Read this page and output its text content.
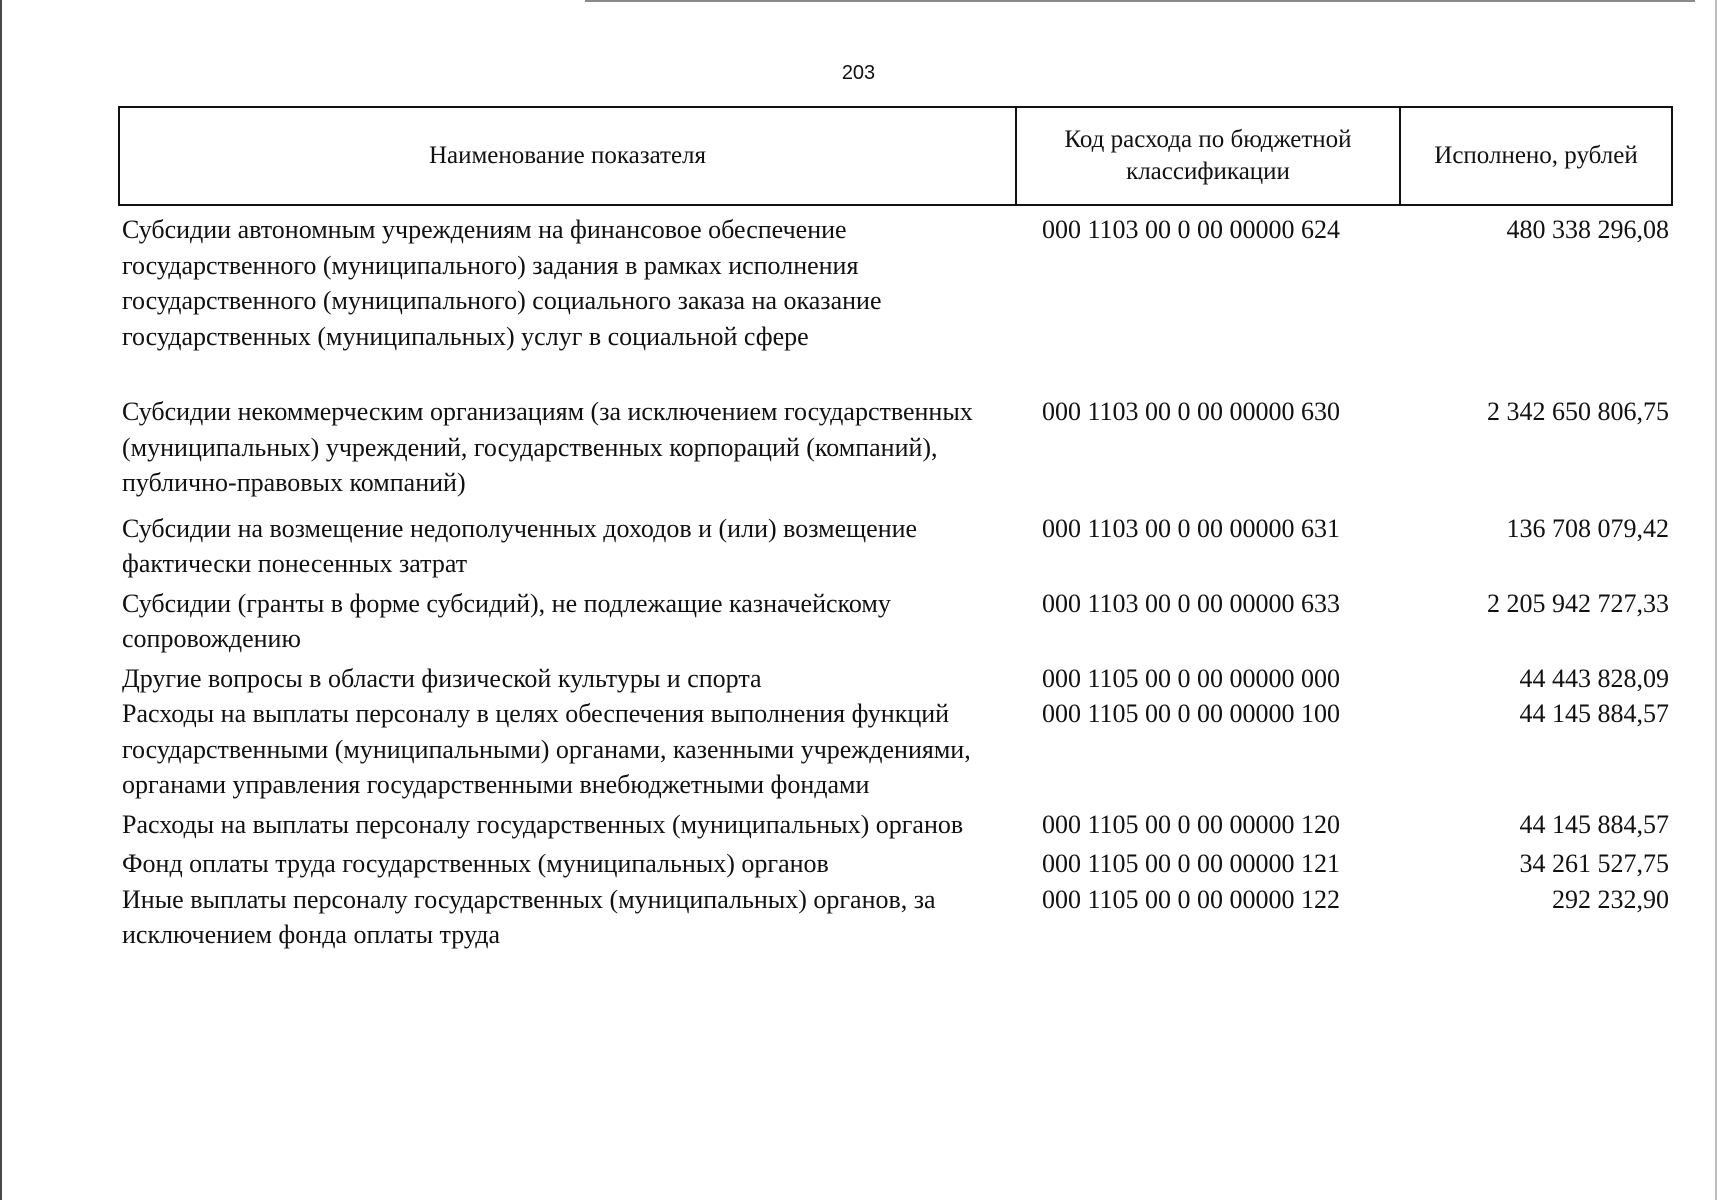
203
Наименование показателя	Код расхода по бюджетной классификации	Исполнено, рублей
Субсидии автономным учреждениям на финансовое обеспечение государственного (муниципального) задания в рамках исполнения государственного (муниципального) социального заказа на оказание государственных (муниципальных) услуг в социальной сфере	000 1103 00 0 00 00000 624	480 338 296,08
Субсидии некоммерческим организациям (за исключением государственных (муниципальных) учреждений, государственных корпораций (компаний), публично-правовых компаний)	000 1103 00 0 00 00000 630	2 342 650 806,75
Субсидии на возмещение недополученных доходов и (или) возмещение фактически понесенных затрат	000 1103 00 0 00 00000 631	136 708 079,42
Субсидии (гранты в форме субсидий), не подлежащие казначейскому сопровождению	000 1103 00 0 00 00000 633	2 205 942 727,33
Другие вопросы в области физической культуры и спорта	000 1105 00 0 00 00000 000	44 443 828,09
Расходы на выплаты персоналу в целях обеспечения выполнения функций государственными (муниципальными) органами, казенными учреждениями, органами управления государственными внебюджетными фондами	000 1105 00 0 00 00000 100	44 145 884,57
Расходы на выплаты персоналу государственных (муниципальных) органов	000 1105 00 0 00 00000 120	44 145 884,57
Фонд оплаты труда государственных (муниципальных) органов	000 1105 00 0 00 00000 121	34 261 527,75
Иные выплаты персоналу государственных (муниципальных) органов, за исключением фонда оплаты труда	000 1105 00 0 00 00000 122	292 232,90
